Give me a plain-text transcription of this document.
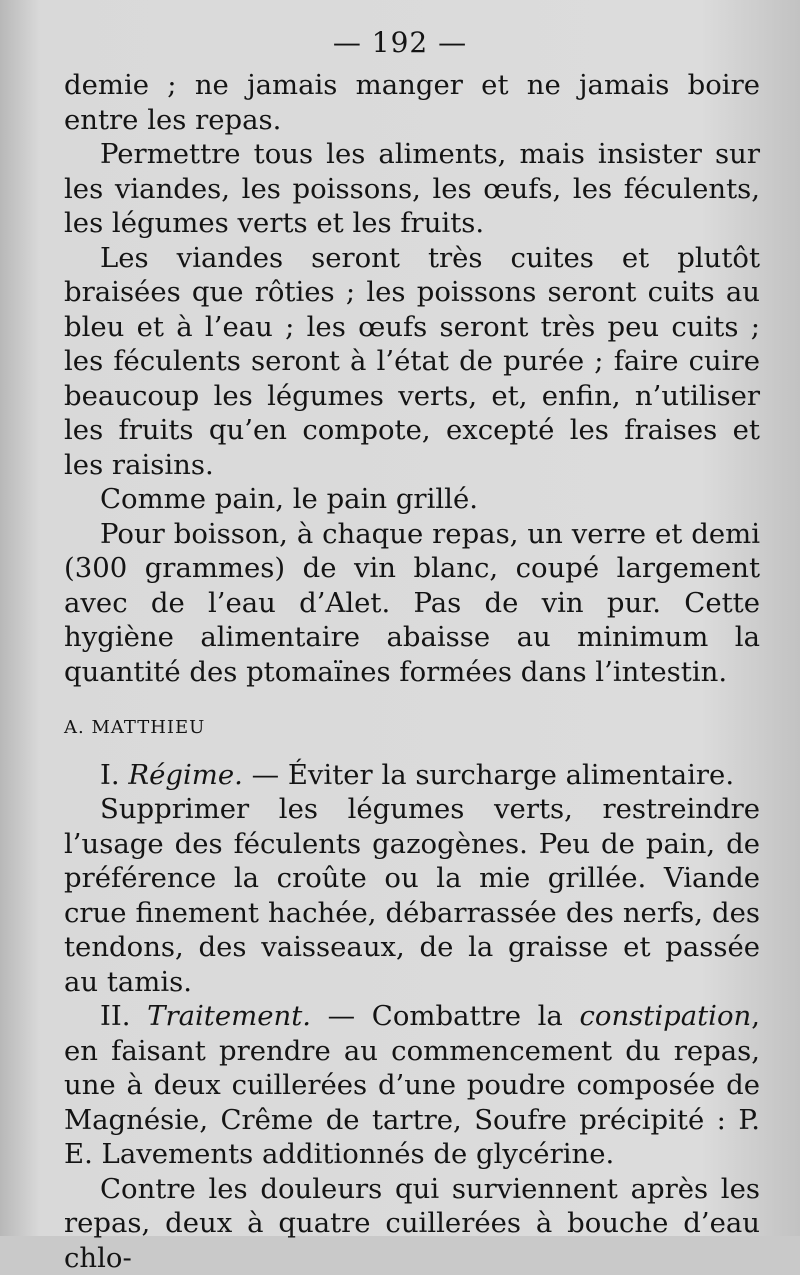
— 192 —

demie ; ne jamais manger et ne jamais boire entre les repas.

Permettre tous les aliments, mais insister sur les viandes, les poissons, les œufs, les féculents, les légumes verts et les fruits.

Les viandes seront très cuites et plutôt braisées que rôties ; les poissons seront cuits au bleu et à l’eau ; les œufs seront très peu cuits ; les féculents seront à l’état de purée ; faire cuire beaucoup les légumes verts, et, enfin, n’utiliser les fruits qu’en compote, excepté les fraises et les raisins.

Comme pain, le pain grillé.

Pour boisson, à chaque repas, un verre et demi (300 grammes) de vin blanc, coupé largement avec de l’eau d’Alet. Pas de vin pur. Cette hygiène alimentaire abaisse au minimum la quantité des ptomaïnes formées dans l’intestin.

A. MATTHIEU

I. Régime. — Éviter la surcharge alimentaire.

Supprimer les légumes verts, restreindre l’usage des féculents gazogènes. Peu de pain, de préférence la croûte ou la mie grillée. Viande crue finement hachée, débarrassée des nerfs, des tendons, des vaisseaux, de la graisse et passée au tamis.

II. Traitement. — Combattre la constipation, en faisant prendre au commencement du repas, une à deux cuillerées d’une poudre composée de Magnésie, Crême de tartre, Soufre précipité : P. E. Lavements additionnés de glycérine.

Contre les douleurs qui surviennent après les repas, deux à quatre cuillerées à bouche d’eau chlo-
